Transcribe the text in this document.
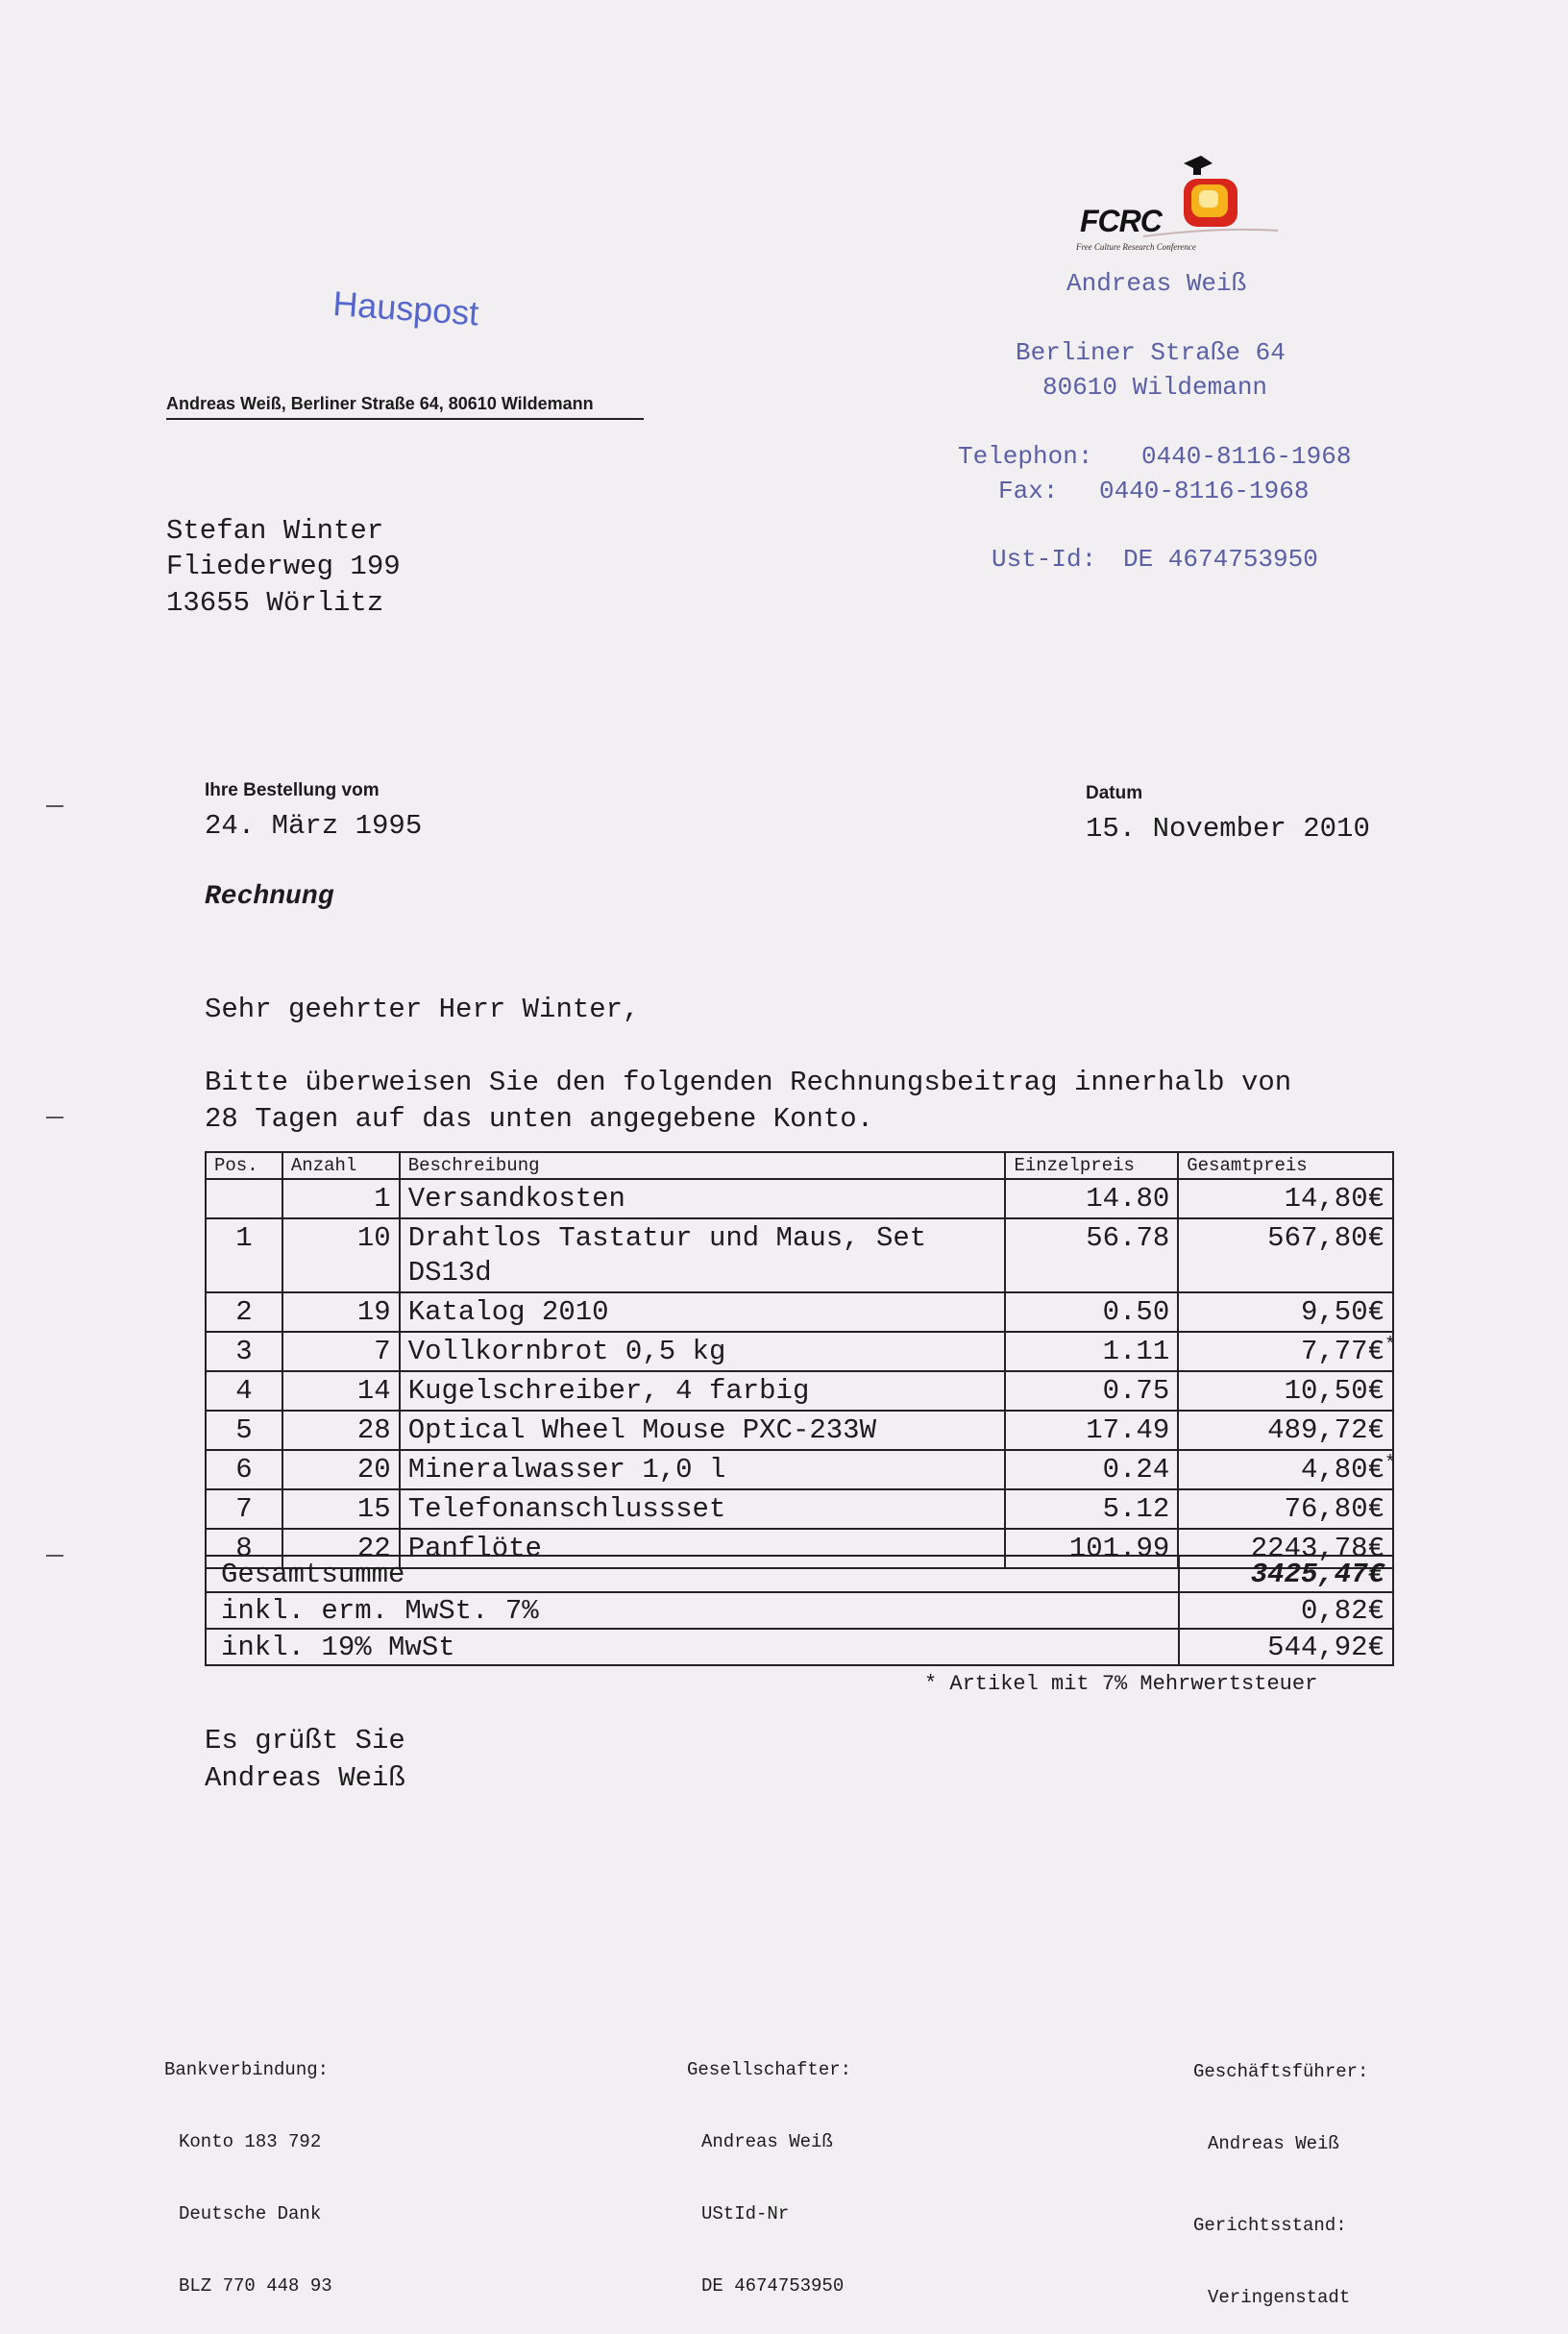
FCRC
Free Culture Research Conference
Hauspost
Andreas Weiß, Berliner Straße 64, 80610 Wildemann
Andreas Weiß
Berliner Straße 64
80610 Wildemann
Telephon: 0440-8116-1968
Fax: 0440-8116-1968
Ust-Id: DE 4674753950
Stefan Winter
Fliederweg 199
13655 Wörlitz
Ihre Bestellung vom
24. März 1995
Datum
15. November 2010
Rechnung
Sehr geehrter Herr Winter,
Bitte überweisen Sie den folgenden Rechnungsbeitrag innerhalb von
28 Tagen auf das unten angegebene Konto.
Pos.	Anzahl	Beschreibung	Einzelpreis	Gesamtpreis
	1	Versandkosten	14.80	14,80€
1	10	Drahtlos Tastatur und Maus, Set DS13d	56.78	567,80€
2	19	Katalog 2010	0.50	9,50€
3	7	Vollkornbrot 0,5 kg	1.11	7,77€*
4	14	Kugelschreiber, 4 farbig	0.75	10,50€
5	28	Optical Wheel Mouse PXC-233W	17.49	489,72€
6	20	Mineralwasser 1,0 l	0.24	4,80€*
7	15	Telefonanschlussset	5.12	76,80€
8	22	Panflöte	101.99	2243,78€
Gesamtsumme	3425,47€
inkl. erm. MwSt. 7%	0,82€
inkl. 19% MwSt	544,92€
* Artikel mit 7% Mehrwertsteuer
Es grüßt Sie
Andreas Weiß

Bankverbindung:

Konto 183 792

Deutsche Dank

BLZ 770 448 93

Gesellschafter:

Andreas Weiß

UStId-Nr

DE 4674753950

Geschäftsführer:

Andreas Weiß

Gerichtsstand:

Veringenstadt
